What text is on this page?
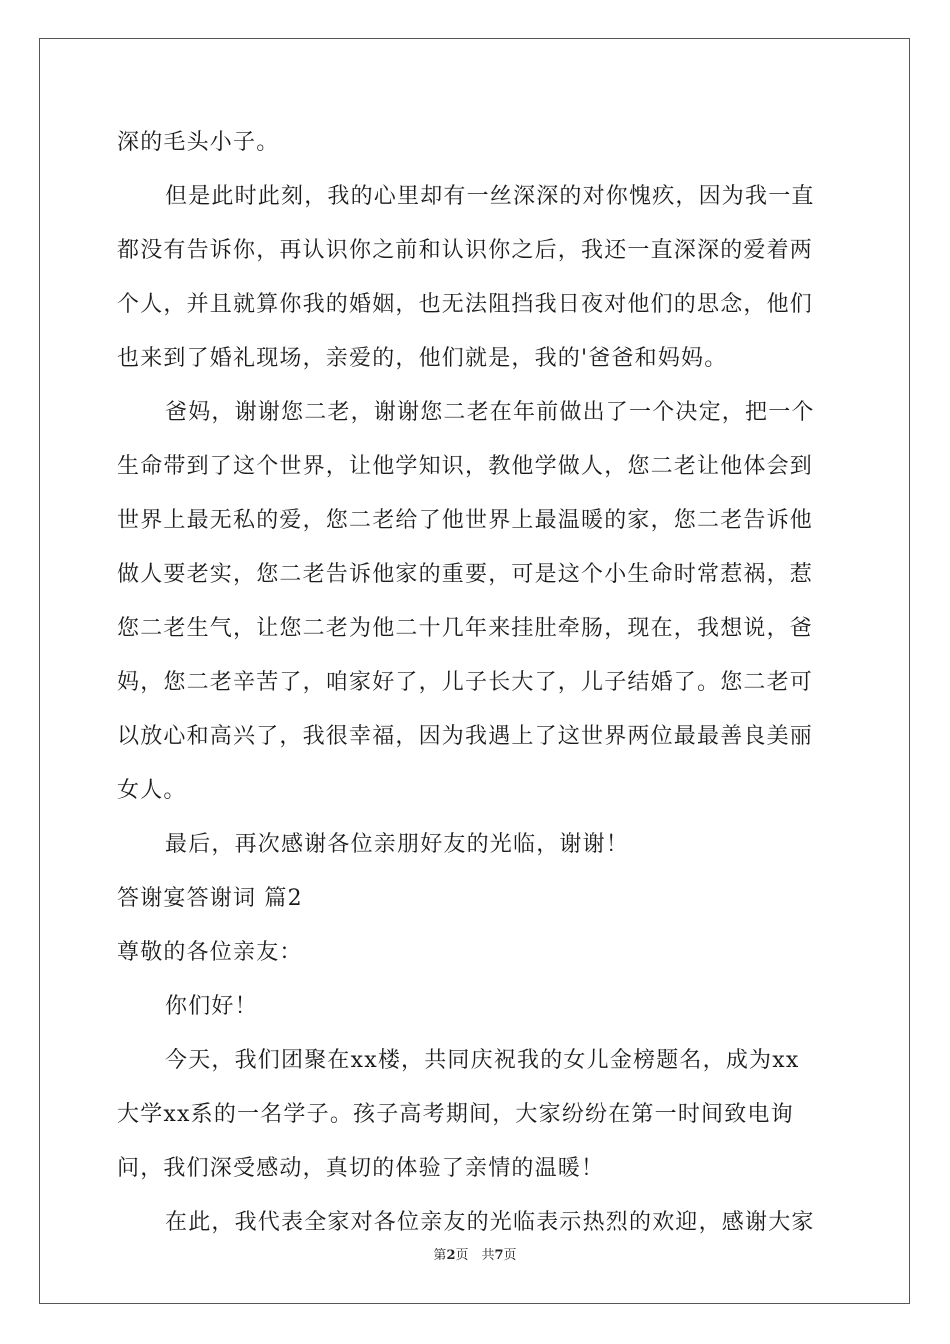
深的毛头小子。
但是此时此刻，我的心里却有一丝深深的对你愧疚，因为我一直
都没有告诉你，再认识你之前和认识你之后，我还一直深深的爱着两
个人，并且就算你我的婚姻，也无法阻挡我日夜对他们的思念，他们
也来到了婚礼现场，亲爱的，他们就是，我的'爸爸和妈妈。
爸妈，谢谢您二老，谢谢您二老在年前做出了一个决定，把一个
生命带到了这个世界，让他学知识，教他学做人，您二老让他体会到
世界上最无私的爱，您二老给了他世界上最温暖的家，您二老告诉他
做人要老实，您二老告诉他家的重要，可是这个小生命时常惹祸，惹
您二老生气，让您二老为他二十几年来挂肚牵肠，现在，我想说，爸
妈，您二老辛苦了，咱家好了，儿子长大了，儿子结婚了。您二老可
以放心和高兴了，我很幸福，因为我遇上了这世界两位最最善良美丽
女人。
最后，再次感谢各位亲朋好友的光临，谢谢！
答谢宴答谢词 篇2
尊敬的各位亲友：
你们好！
今天，我们团聚在xx楼，共同庆祝我的女儿金榜题名，成为xx
大学xx系的一名学子。孩子高考期间，大家纷纷在第一时间致电询
问，我们深受感动，真切的体验了亲情的温暖！
在此，我代表全家对各位亲友的光临表示热烈的欢迎，感谢大家
第2页　共7页
